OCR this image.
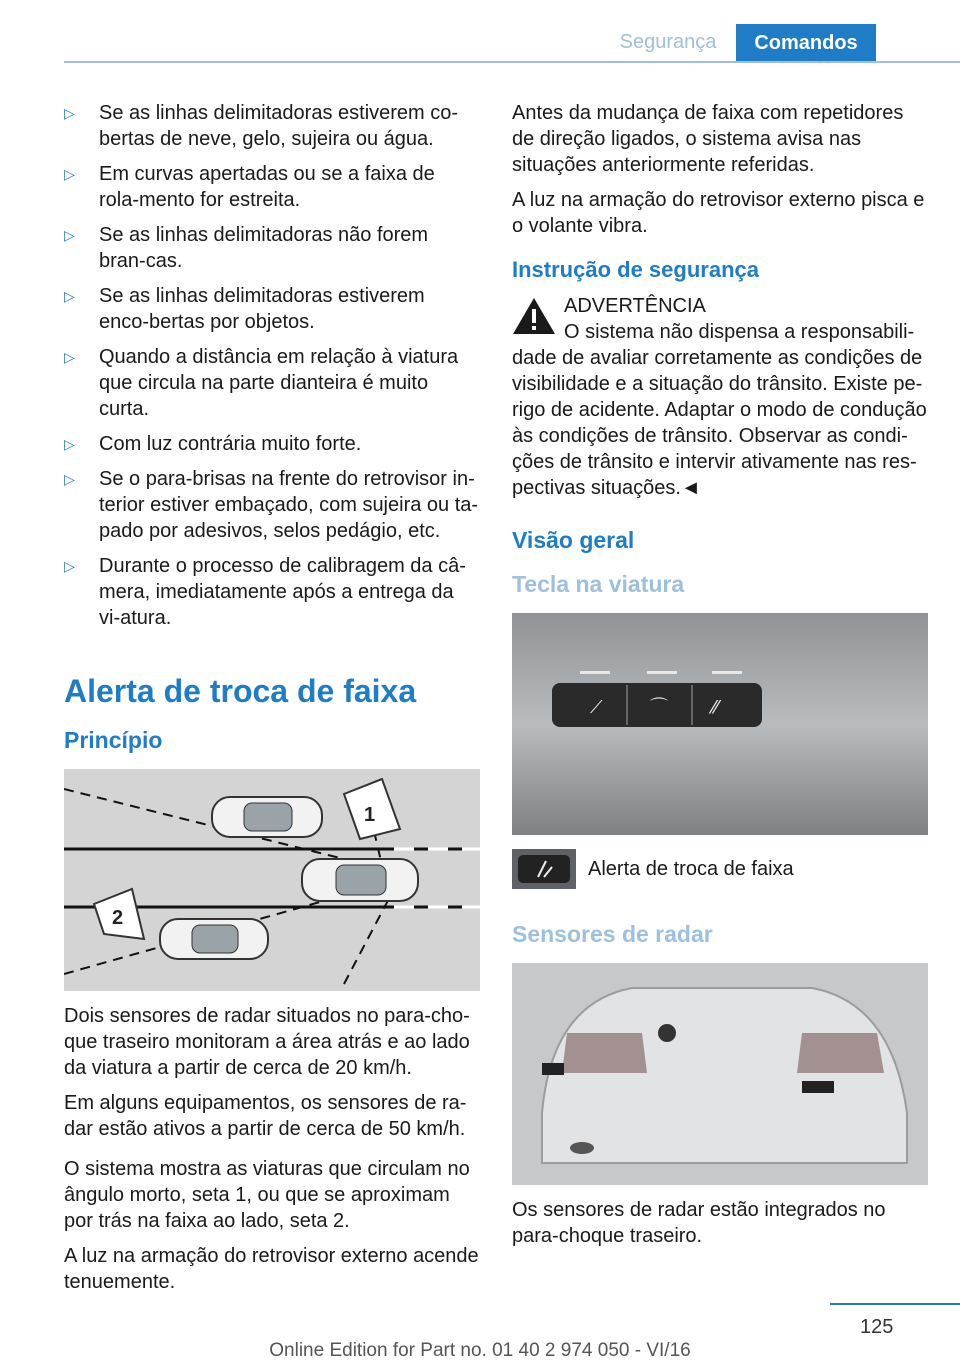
Segurança	Comandos
▷ Se as linhas delimitadoras estiverem co-bertas de neve, gelo, sujeira ou água.
▷ Em curvas apertadas ou se a faixa de rola-mento for estreita.
▷ Se as linhas delimitadoras não forem bran-cas.
▷ Se as linhas delimitadoras estiverem enco-bertas por objetos.
▷ Quando a distância em relação à viatura que circula na parte dianteira é muito curta.
▷ Com luz contrária muito forte.
▷ Se o para-brisas na frente do retrovisor in-terior estiver embaçado, com sujeira ou ta-pado por adesivos, selos pedágio, etc.
▷ Durante o processo de calibragem da câ-mera, imediatamente após a entrega da vi-atura.
Alerta de troca de faixa
Princípio
1
2

Dois sensores de radar situados no para-cho-que traseiro monitoram a área atrás e ao lado da viatura a partir de cerca de 20 km/h.

Em alguns equipamentos, os sensores de ra-dar estão ativos a partir de cerca de 50 km/h.

O sistema mostra as viaturas que circulam no ângulo morto, seta 1, ou que se aproximam por trás na faixa ao lado, seta 2.

A luz na armação do retrovisor externo acende tenuemente.

Antes da mudança de faixa com repetidores de direção ligados, o sistema avisa nas situações anteriormente referidas.

A luz na armação do retrovisor externo pisca e o volante vibra.

Instrução de segurança
ADVERTÊNCIA

O sistema não dispensa a responsabili-dade de avaliar corretamente as condições de visibilidade e a situação do trânsito. Existe pe-rigo de acidente. Adaptar o modo de condução às condições de trânsito. Observar as condi-ções de trânsito e intervir ativamente nas res-pectivas situações.◄

Visão geral
Tecla na viatura
⟋	⌒ ⁄⁄
Alerta de troca de faixa
Sensores de radar

Os sensores de radar estão integrados no para-choque traseiro.

125
Online Edition for Part no. 01 40 2 974 050 - VI/16
